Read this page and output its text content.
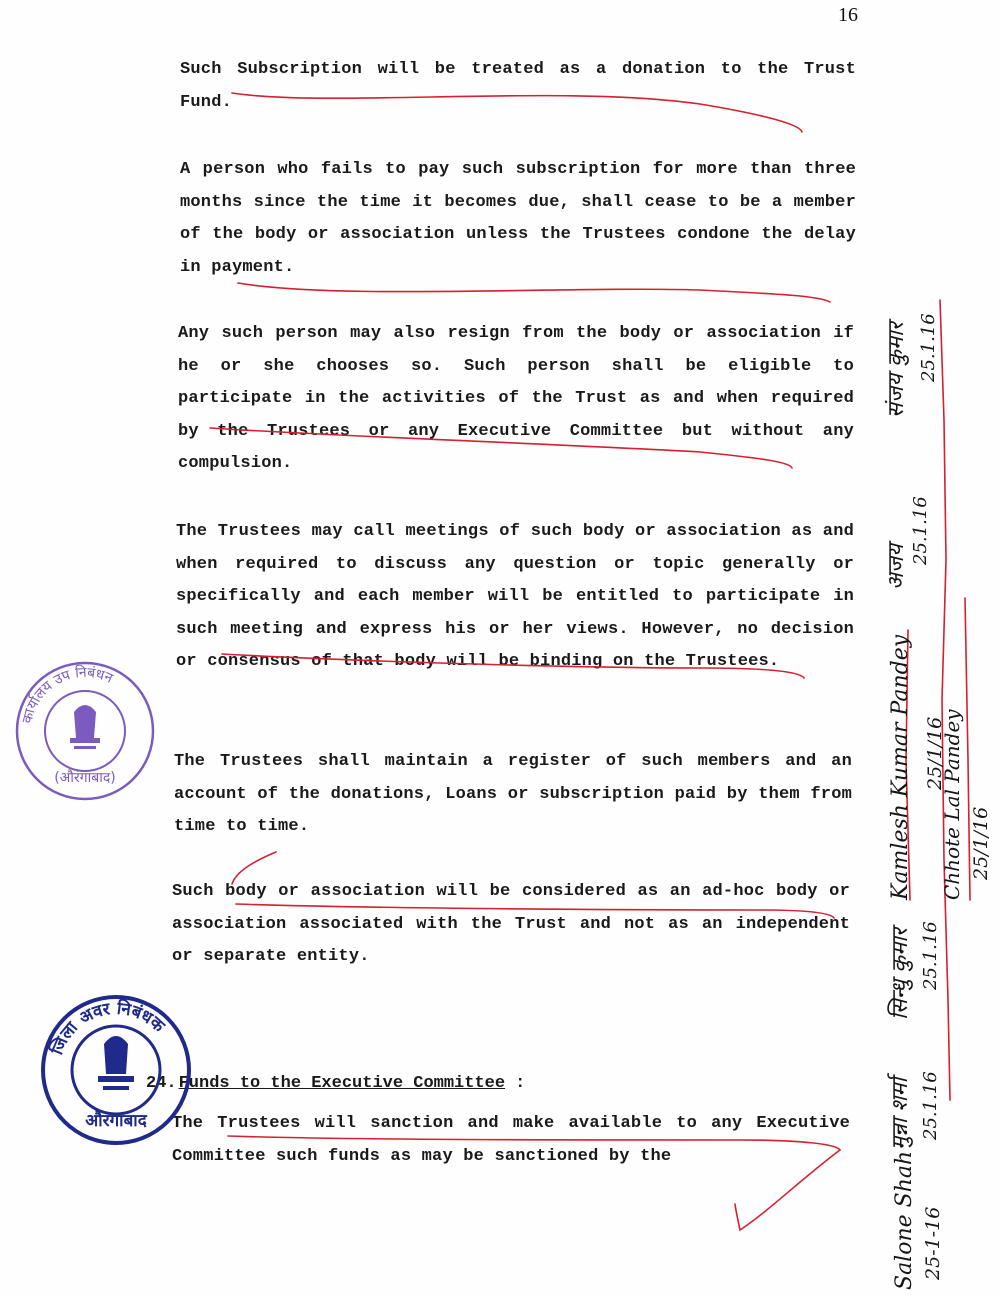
16
Such Subscription will be treated as a donation to the Trust Fund.
A person who fails to pay such subscription for more than three months since the time it becomes due, shall cease to be a member of the body or association unless the Trustees condone the delay in payment.
Any such person may also resign from the body or association if he or she chooses so. Such person shall be eligible to participate in the activities of the Trust as and when required by the Trustees or any Executive Committee but without any compulsion.
The Trustees may call meetings of such body or association as and when required to discuss any question or topic generally or specifically and each member will be entitled to participate in such meeting and express his or her views. However, no decision or consensus of that body will be binding on the Trustees.
The Trustees shall maintain a register of such members and an account of the donations, Loans or subscription paid by them from time to time.
Such body or association will be considered as an ad-hoc body or association associated with the Trust and not as an independent or separate entity.
24. Funds to the Executive Committee :
The Trustees will sanction and make available to any Executive Committee such funds as may be sanctioned by the
कार्यालय उप निबंधन
(औरंगाबाद)
जिला अवर निबंधक
औरंगाबाद
संजय कुमार 25.1.16
अजय
25.1.16
Kamlesh Kumar Pandey 25/1/16
Chhote Lal Pandey 25/1/16
सिन्धु कुमार 25.1.16
मुन्ना शर्मा 25.1.16
Salone Shah 25-1-16
